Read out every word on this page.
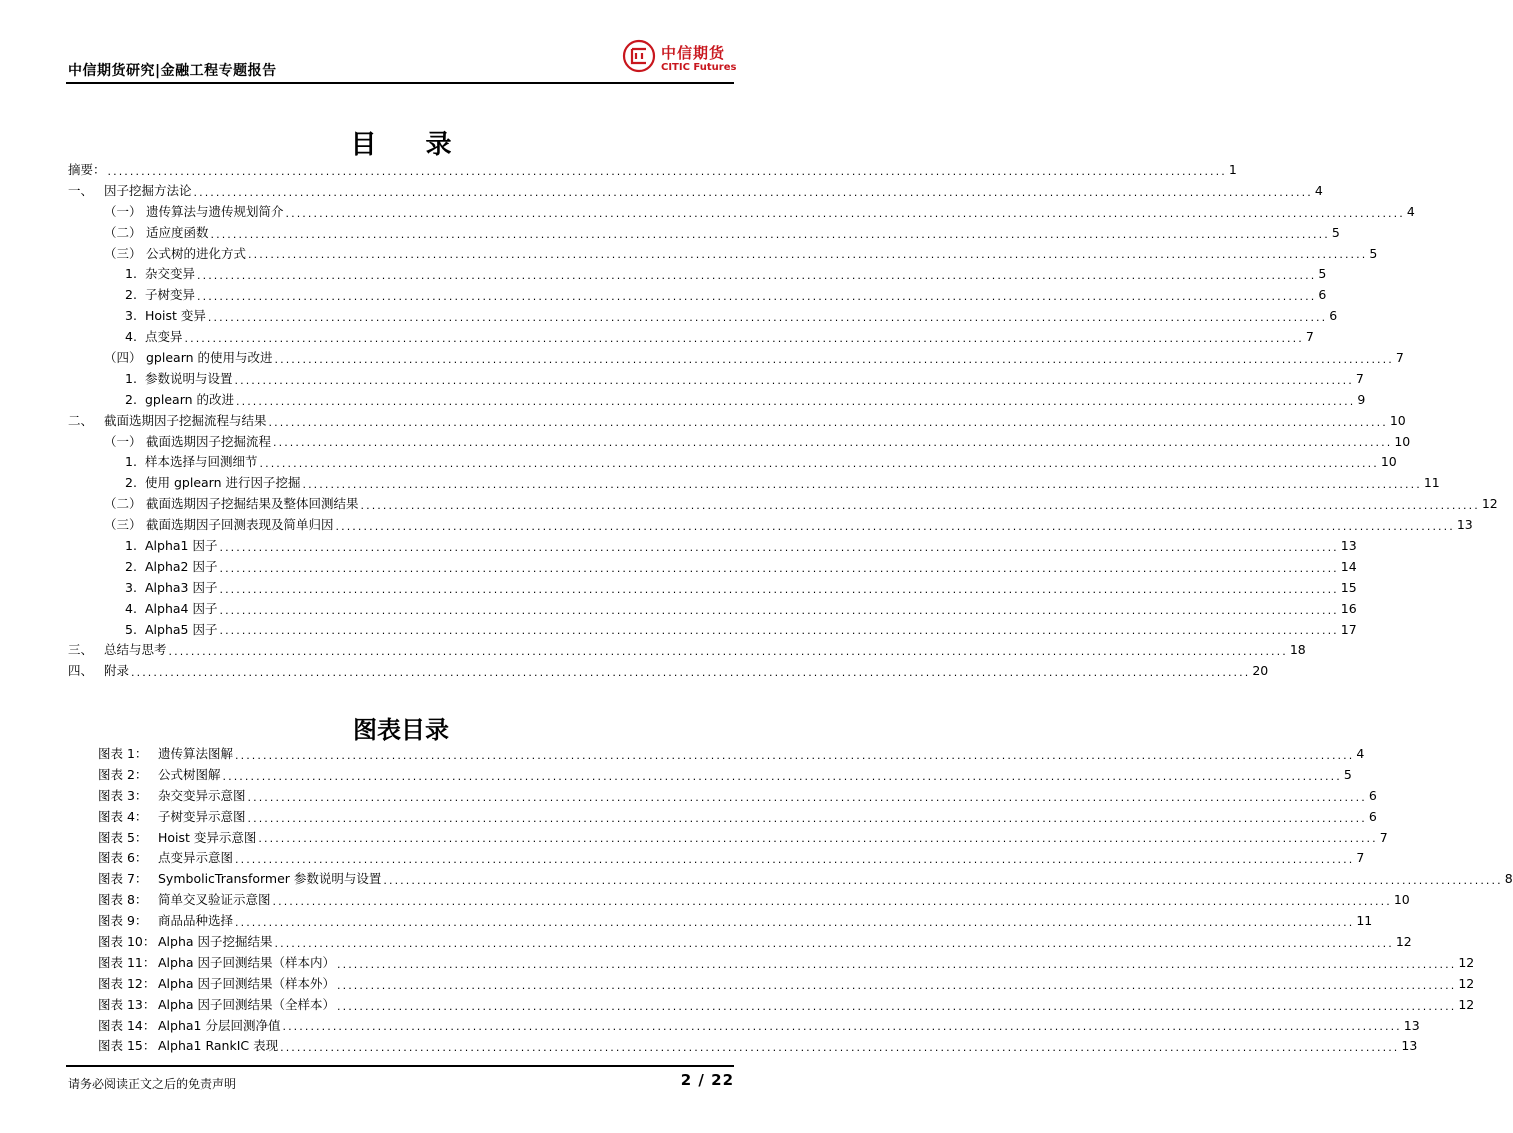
中信期货研究|金融工程专题报告
中信期货
CITIC Futures
目 录
摘要： ........................................................................................................................................................................................................ 1
一、 因子挖掘方法论 ........................................................................................................................................................................................................ 4
（一） 遗传算法与遗传规划简介 ........................................................................................................................................................................................................ 4
（二） 适应度函数 ........................................................................................................................................................................................................ 5
（三） 公式树的进化方式 ........................................................................................................................................................................................................ 5
1. 杂交变异 ........................................................................................................................................................................................................ 5
2. 子树变异 ........................................................................................................................................................................................................ 6
3. Hoist 变异 ........................................................................................................................................................................................................ 6
4. 点变异 ........................................................................................................................................................................................................ 7
（四） gplearn 的使用与改进 ........................................................................................................................................................................................................ 7
1. 参数说明与设置 ........................................................................................................................................................................................................ 7
2. gplearn 的改进 ........................................................................................................................................................................................................ 9
二、 截面选期因子挖掘流程与结果 ........................................................................................................................................................................................................ 10
（一） 截面选期因子挖掘流程 ........................................................................................................................................................................................................ 10
1. 样本选择与回测细节 ........................................................................................................................................................................................................ 10
2. 使用 gplearn 进行因子挖掘 ........................................................................................................................................................................................................ 11
（二） 截面选期因子挖掘结果及整体回测结果 ........................................................................................................................................................................................................ 12
（三） 截面选期因子回测表现及简单归因 ........................................................................................................................................................................................................ 13
1. Alpha1 因子 ........................................................................................................................................................................................................ 13
2. Alpha2 因子 ........................................................................................................................................................................................................ 14
3. Alpha3 因子 ........................................................................................................................................................................................................ 15
4. Alpha4 因子 ........................................................................................................................................................................................................ 16
5. Alpha5 因子 ........................................................................................................................................................................................................ 17
三、 总结与思考 ........................................................................................................................................................................................................ 18
四、 附录 ........................................................................................................................................................................................................ 20
图表目录
图表 1： 遗传算法图解 ........................................................................................................................................................................................................ 4
图表 2： 公式树图解 ........................................................................................................................................................................................................ 5
图表 3： 杂交变异示意图 ........................................................................................................................................................................................................ 6
图表 4： 子树变异示意图 ........................................................................................................................................................................................................ 6
图表 5： Hoist 变异示意图 ........................................................................................................................................................................................................ 7
图表 6： 点变异示意图 ........................................................................................................................................................................................................ 7
图表 7： SymbolicTransformer 参数说明与设置 ........................................................................................................................................................................................................ 8
图表 8： 简单交叉验证示意图 ........................................................................................................................................................................................................ 10
图表 9： 商品品种选择 ........................................................................................................................................................................................................ 11
图表 10： Alpha 因子挖掘结果 ........................................................................................................................................................................................................ 12
图表 11： Alpha 因子回测结果（样本内） ........................................................................................................................................................................................................ 12
图表 12： Alpha 因子回测结果（样本外） ........................................................................................................................................................................................................ 12
图表 13： Alpha 因子回测结果（全样本） ........................................................................................................................................................................................................ 12
图表 14： Alpha1 分层回测净值 ........................................................................................................................................................................................................ 13
图表 15： Alpha1 RankIC 表现 ........................................................................................................................................................................................................ 13
请务必阅读正文之后的免责声明	2 / 22
